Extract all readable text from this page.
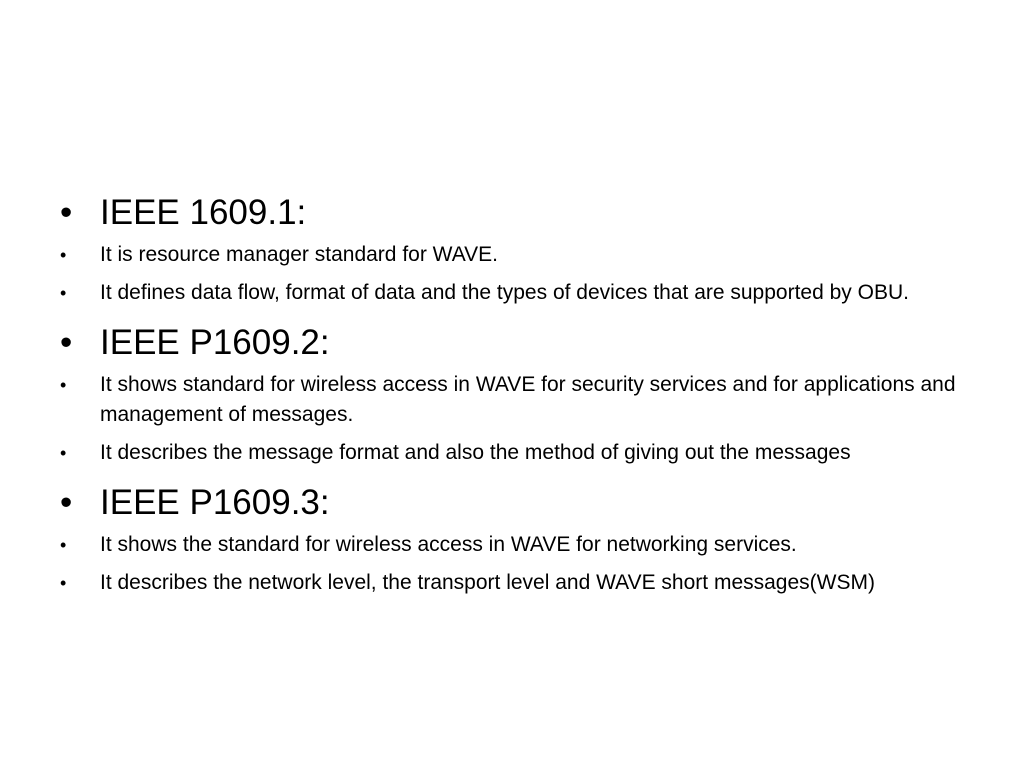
• IEEE 1609.1:
• It is resource manager standard for WAVE.
• It defines data flow, format of data and the types of devices that are supported by OBU.
• IEEE P1609.2:
• It shows standard for wireless access in WAVE for security services and for applications and management of messages.
• It describes the message format and also the method of giving out the messages
• IEEE P1609.3:
• It shows the standard for wireless access in WAVE for networking services.
• It describes the network level, the transport level and WAVE short messages(WSM)
